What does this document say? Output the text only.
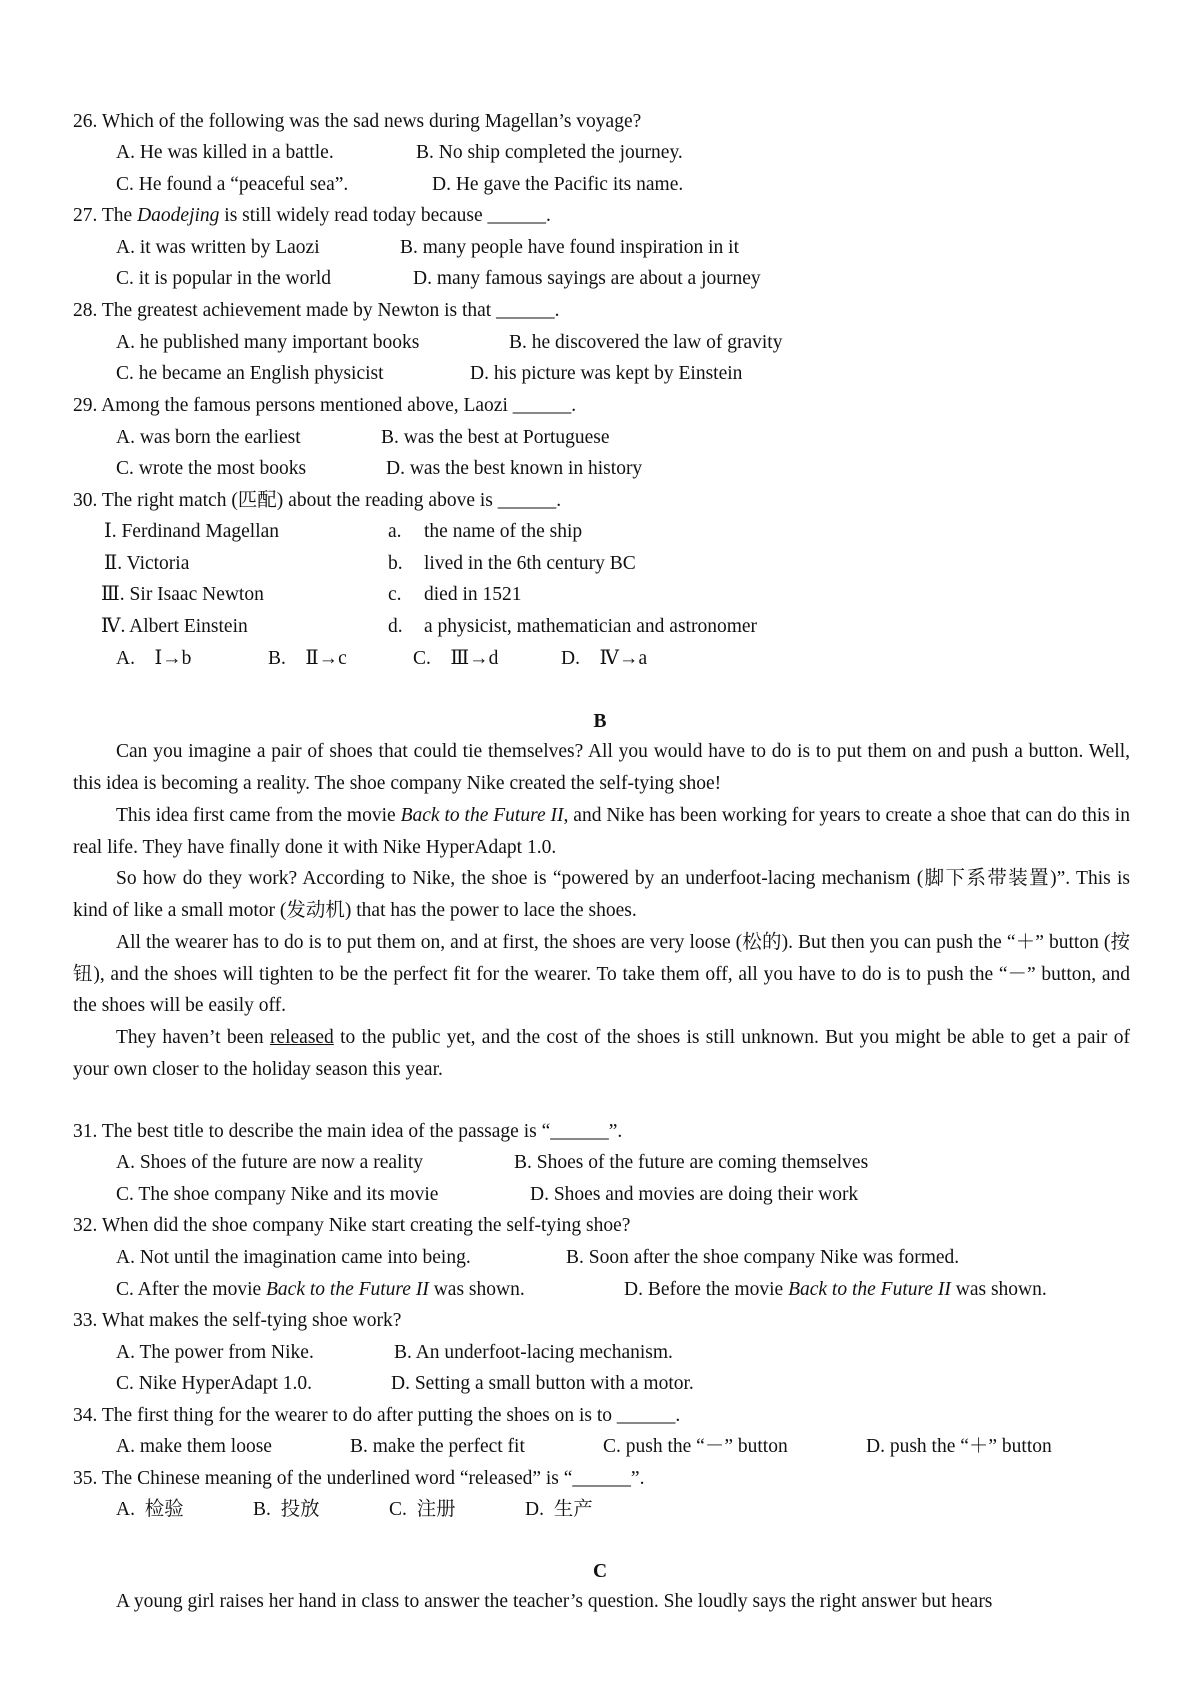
26. Which of the following was the sad news during Magellan’s voyage?
A. He was killed in a battle.	B. No ship completed the journey.
C. He found a “peaceful sea”.	D. He gave the Pacific its name.
27. The Daodejing is still widely read today because ______.
A. it was written by Laozi	B. many people have found inspiration in it
C. it is popular in the world	D. many famous sayings are about a journey
28. The greatest achievement made by Newton is that ______.
A. he published many important books	B. he discovered the law of gravity
C. he became an English physicist	D. his picture was kept by Einstein
29. Among the famous persons mentioned above, Laozi ______.
A. was born the earliest	B. was the best at Portuguese
C. wrote the most books	D. was the best known in history
30. The right match (匹配) about the reading above is ______.
Ⅰ. Ferdinand Magellan	a. the name of the ship
Ⅱ. Victoria	b. lived in the 6th century BC
Ⅲ. Sir Isaac Newton	c. died in 1521
Ⅳ. Albert Einstein	d. a physicist, mathematician and astronomer
A.　Ⅰ→b	B.　Ⅱ→c	C.　Ⅲ→d	D.　Ⅳ→a
B
Can you imagine a pair of shoes that could tie themselves? All you would have to do is to put them on and push a button. Well, this idea is becoming a reality. The shoe company Nike created the self-tying shoe!
This idea first came from the movie Back to the Future II, and Nike has been working for years to create a shoe that can do this in real life. They have finally done it with Nike HyperAdapt 1.0.
So how do they work? According to Nike, the shoe is “powered by an underfoot-lacing mechanism (脚下系带装置)”. This is kind of like a small motor (发动机) that has the power to lace the shoes.
All the wearer has to do is to put them on, and at first, the shoes are very loose (松的). But then you can push the “＋” button (按钮), and the shoes will tighten to be the perfect fit for the wearer. To take them off, all you have to do is to push the “－” button, and the shoes will be easily off.
They haven’t been released to the public yet, and the cost of the shoes is still unknown. But you might be able to get a pair of your own closer to the holiday season this year.
31. The best title to describe the main idea of the passage is “______”.
A. Shoes of the future are now a reality	B. Shoes of the future are coming themselves
C. The shoe company Nike and its movie	D. Shoes and movies are doing their work
32. When did the shoe company Nike start creating the self-tying shoe?
A. Not until the imagination came into being.	B. Soon after the shoe company Nike was formed.
C. After the movie Back to the Future II was shown.	D. Before the movie Back to the Future II was shown.
33. What makes the self-tying shoe work?
A. The power from Nike.	B. An underfoot-lacing mechanism.
C. Nike HyperAdapt 1.0.	D. Setting a small button with a motor.
34. The first thing for the wearer to do after putting the shoes on is to ______.
A. make them loose	B. make the perfect fit	C. push the “－” button	D. push the “＋” button
35. The Chinese meaning of the underlined word “released” is “______”.
A.  检验	B.  投放	C.  注册	D.  生产
C
A young girl raises her hand in class to answer the teacher’s question. She loudly says the right answer but hears
